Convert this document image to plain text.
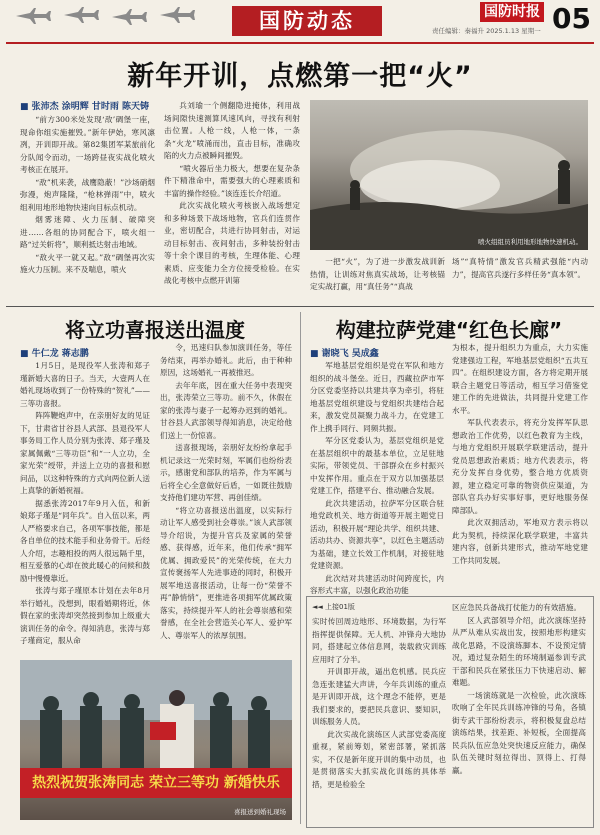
国防动态	国防时报 05
责任编辑：秦福升 2025.1.13 星期一
新年开训，点燃第一把“火”
■ 张沛杰 涂明辉 甘时雨 陈天铸

“前方300米处发现‘敌’碉堡一座，现命你组实施摧毁。”新年伊始，寒风凛冽，开训即开战。第82集团军某旅前化分队闻令而动，一场跨昼夜实战化喷火考核正在展开。

“敌”机来袭，战鹰隐蔽！”沙场硝烟弥漫，炮声隆隆，“枪林弹雨”中，喷火组利用地形地物快速向目标点机动。

烟雾迷障、火力压制、破障突进……各组的协同配合下，喷火组一路“过关斩将”，顺利抵达射击地域。

“敌火平一就又起。”敌“碉堡再次实施火力压制。来不及喘息，喷火

兵刘瑜一个侧翻隐进掩体，利用战场间隙快速测算风速风向，寻找有利射击位置。人枪一线，人枪一体，一条条“火龙”喷涌而出，直击目标，准确攻陷的火力点被瞬间摧毁。

“喷火器后坐力极大，想要在复杂条件下精准命中，需要强大的心理素质和丰富的操作经验。”该连连长介绍道。

此次实战化喷火考核嵌入战场想定和多种场景下战场地物，官兵们连贯作业，密切配合，共进行协同射击，对运动目标射击、夜间射击，多种装扮射击等十余个课目的考核，生理体能、心理素质、应变能力全方位接受检验。在实战化考核中点燃开训第

喷火组组员利用地形地物快速机动。

一把“火”，为了进一步激发战训新热情，让训练对焦真实战场，让考核锚定实战打赢，用“真任务”“真战

场”“真特情”激发官兵精武强能“内动力”，提高官兵遂行多样任务“真本领”。

将立功喜报送出温度
■ 牛仁龙 蒋志鹏

1月5日，是现役军人张涛和郑子瑾新婚大喜的日子。当天，大壹两人在婚礼现场收到了一份特殊的“贺礼”——三等功喜报。

阵阵鞭炮声中，在亲朋好友的见证下，甘肃省甘谷县人武部、县退役军人事务局工作人员分别为张涛、郑子瑾及家属佩戴“三等功臣”和“一人立功，全家光荣”绶带，并送上立功的喜报和慰问品，以这种特殊的方式向两位新人送上真挚的新婚祝福。

据悉张涛2017年9月入伍，和新娘郑子瑾是“同年兵”。自入伍以来，两人严格要求自己，各项军事技能，都是各自单位的技术能手和业务骨干。后经人介绍，志趣相投的两人很远隔千里，相互爱慕的心却在彼此暖心的问候和鼓励中慢慢靠近。

张涛与郑子瑾原本计划在去年8月举行婚礼，没想到，眼看婚期将近，休假在家的张涛却突然接到参加上级重大演训任务的命令。得知消息，张涛与郑子瑾商定，服从命

令，迅速归队参加演训任务，等任务结束，再举办婚礼。此后，由于种种原因，这场婚礼一再被推迟。

去年年底，因在重大任务中表现突出，张涛荣立三等功。前不久，休假在家的张涛与妻子一起筹办迟到的婚礼。甘谷县人武部领导得知消息，决定给他们送上一份惊喜。

送喜报现场，亲朋好友纷纷拿起手机记录这一光荣时刻，军属们也纷纷表示，感谢党和部队的培养，作为军属与后将全心全意做好后盾，一如既往鼓励支持他们建功军营、再创佳绩。

“将立功喜报送出温度，以实际行动让军人感受到社会尊崇。”该人武部领导介绍说，为提升官兵及家属的荣誉感、获得感，近年来，他们传承“拥军优属、拥政爱民”的光荣传统，在大力宣传褒扬军人先进事迹的同时，积极开展军地送喜报活动，让每一份“荣誉不再”静悄悄”，更推进各项拥军优属政策落实，持续提升军人的社会尊崇感和荣誉感，在全社会营造关心军人、爱护军人、尊崇军人的浓厚氛围。

热烈祝贺张涛同志 荣立三等功 新婚快乐
喜报送到婚礼现场
构建拉萨党建“红色长廊”
■ 谢晓飞 吴成鑫

军地基层党组织是党在军队和地方组织的战斗堡垒。近日，西藏拉萨市军分区党委坚持以共建共享为牵引，将驻地基层党组织建设与党组织共建结合起来，激发党员凝聚力战斗力，在党建工作上携手同行、同频共振。

军分区党委认为，基层党组织是党在基层组织中的最基本单位，立足驻地实际，带领党员、干部群众在乡村振兴中发挥作用。重点在于双方以加强基层党建工作，搭建平台、推动融合发展。

此次共建活动，拉萨军分区联合驻地党政机关、地方街道等开展主题党日活动，积极开展“理论共学、组织共建、活动共办、资源共享”，以红色主题活动为基础，建立长效工作机制，对接驻地党建资源。

此次结对共建活动时间跨度长，内容形式丰富，以强化政治功能

为根本，提升组织力为重点，大力实施党建强边工程，军地基层党组织“五共互四”。在组织建设方面，各方将定期开展联合主题党日等活动，相互学习借鉴党建工作的先进做法，共同提升党建工作水平。

军队代表表示，将充分发挥军队思想政治工作优势，以红色教育为主线，与地方党组织开展联学联建活动，提升党员思想政治素质；地方代表表示，将充分发挥自身优势，整合地方优质资源，建立稳定可靠的物资供应渠道，为部队官兵办好实事好事，更好地服务保障部队。

此次双拥活动，军地双方表示将以此为契机，持续深化联学联建，丰富共建内容，创新共建形式，推动军地党建工作共同发展。

◄◄ 上接01版

实时传回周边地形、环境数据，为行军指挥提供保障。无人机、冲锋舟大地协同，搭建起立体信息网，装载救灾训练应用时了分半。

开训即开战，逼出危机感。民兵应急连张建猛大声讲，今年兵训练的重点是开训即开战，这个理念不能停，更是我们要求的，要把民兵意识、要知识，训练服务人员。

此次实战化演练区人武部党委高度重视，紧前筹划，紧密部署，紧抓落实，不仅是新年度开训的集中动员，也是贯彻落实大抓实战化训练的具体举措，更是检验全

区应急民兵备战打仗能力的有效措施。

区人武部领导介绍，此次演练坚持从严从难从实战出发，按照地形构建实战化思路，不设演练脚本、不设预定情况，通过复杂陌生的环境制逼参训专武干部和民兵在紧张压力下快速启动、解难题。

一场演练就是一次检验，此次演练吹响了全年民兵训练冲锋的号角，各镇街专武干部纷纷表示，将积极复盘总结演练结果，找差距、补短板，全面提高民兵队伍应急处突快速反应能力，确保队伍关键时刻拉得出、顶得上、打得赢。
